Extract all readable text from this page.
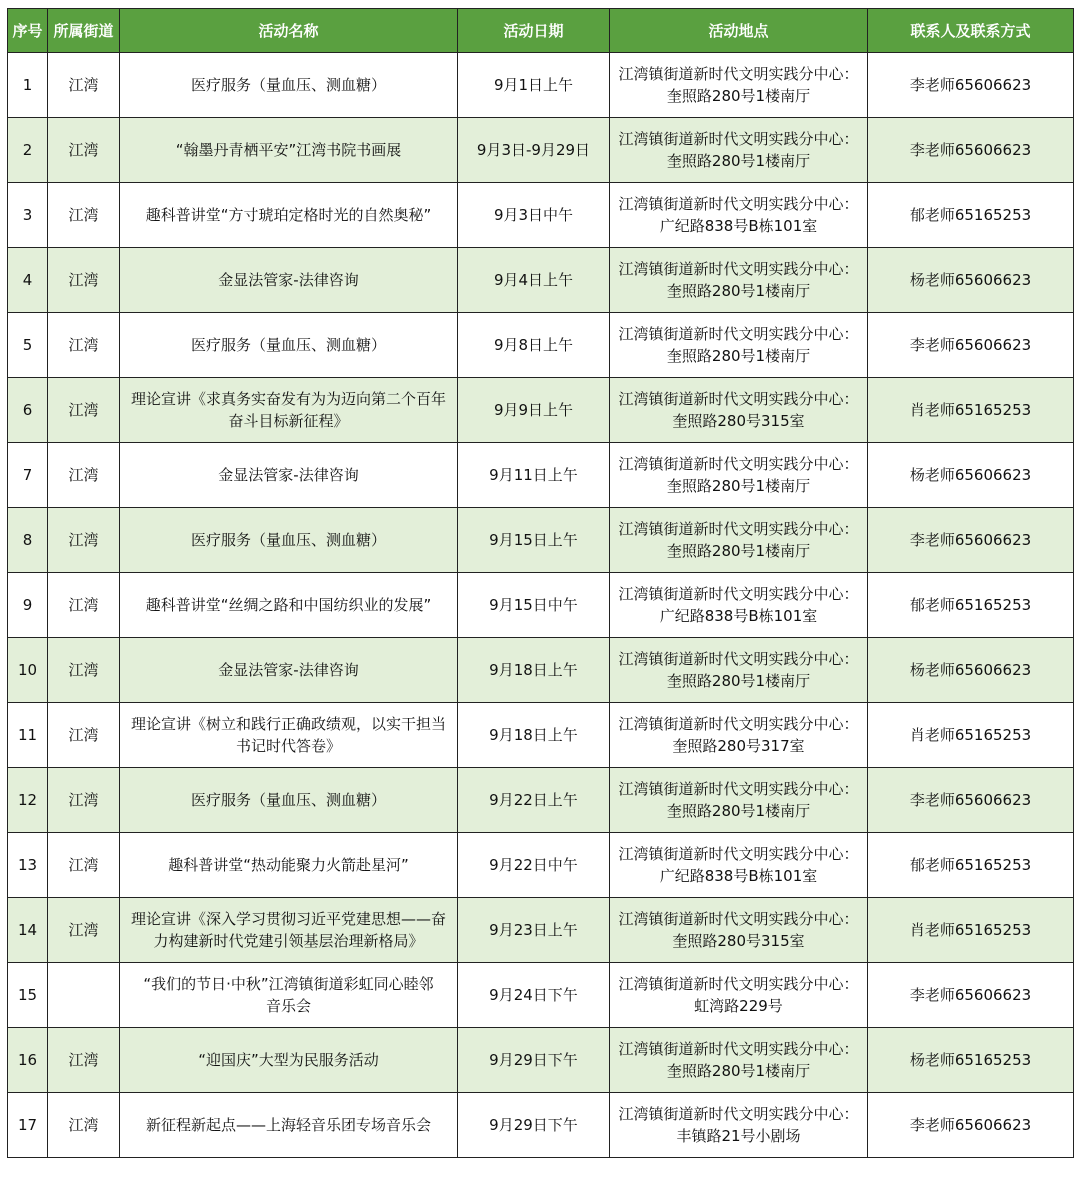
序号	所属街道	活动名称	活动日期	活动地点	联系人及联系方式
1	江湾	医疗服务（量血压、测血糖）	9月1日上午	江湾镇街道新时代文明实践分中心：
奎照路280号1楼南厅	李老师65606623
2	江湾	“翰墨丹青栖平安”江湾书院书画展	9月3日-9月29日	江湾镇街道新时代文明实践分中心：
奎照路280号1楼南厅	李老师65606623
3	江湾	趣科普讲堂“方寸琥珀定格时光的自然奥秘”	9月3日中午	江湾镇街道新时代文明实践分中心：
广纪路838号B栋101室	郁老师65165253
4	江湾	金显法管家-法律咨询	9月4日上午	江湾镇街道新时代文明实践分中心：
奎照路280号1楼南厅	杨老师65606623
5	江湾	医疗服务（量血压、测血糖）	9月8日上午	江湾镇街道新时代文明实践分中心：
奎照路280号1楼南厅	李老师65606623
6	江湾	理论宣讲《求真务实奋发有为为迈向第二个百年
奋斗目标新征程》	9月9日上午	江湾镇街道新时代文明实践分中心：
奎照路280号315室	肖老师65165253
7	江湾	金显法管家-法律咨询	9月11日上午	江湾镇街道新时代文明实践分中心：
奎照路280号1楼南厅	杨老师65606623
8	江湾	医疗服务（量血压、测血糖）	9月15日上午	江湾镇街道新时代文明实践分中心：
奎照路280号1楼南厅	李老师65606623
9	江湾	趣科普讲堂“丝绸之路和中国纺织业的发展”	9月15日中午	江湾镇街道新时代文明实践分中心：
广纪路838号B栋101室	郁老师65165253
10	江湾	金显法管家-法律咨询	9月18日上午	江湾镇街道新时代文明实践分中心：
奎照路280号1楼南厅	杨老师65606623
11	江湾	理论宣讲《树立和践行正确政绩观，以实干担当
书记时代答卷》	9月18日上午	江湾镇街道新时代文明实践分中心：
奎照路280号317室	肖老师65165253
12	江湾	医疗服务（量血压、测血糖）	9月22日上午	江湾镇街道新时代文明实践分中心：
奎照路280号1楼南厅	李老师65606623
13	江湾	趣科普讲堂“热动能聚力火箭赴星河”	9月22日中午	江湾镇街道新时代文明实践分中心：
广纪路838号B栋101室	郁老师65165253
14	江湾	理论宣讲《深入学习贯彻习近平党建思想——奋
力构建新时代党建引领基层治理新格局》	9月23日上午	江湾镇街道新时代文明实践分中心：
奎照路280号315室	肖老师65165253
15		“我们的节日·中秋”江湾镇街道彩虹同心睦邻
音乐会	9月24日下午	江湾镇街道新时代文明实践分中心：
虹湾路229号	李老师65606623
16	江湾	“迎国庆”大型为民服务活动	9月29日下午	江湾镇街道新时代文明实践分中心：
奎照路280号1楼南厅	杨老师65165253
17	江湾	新征程新起点——上海轻音乐团专场音乐会	9月29日下午	江湾镇街道新时代文明实践分中心：
丰镇路21号小剧场	李老师65606623
